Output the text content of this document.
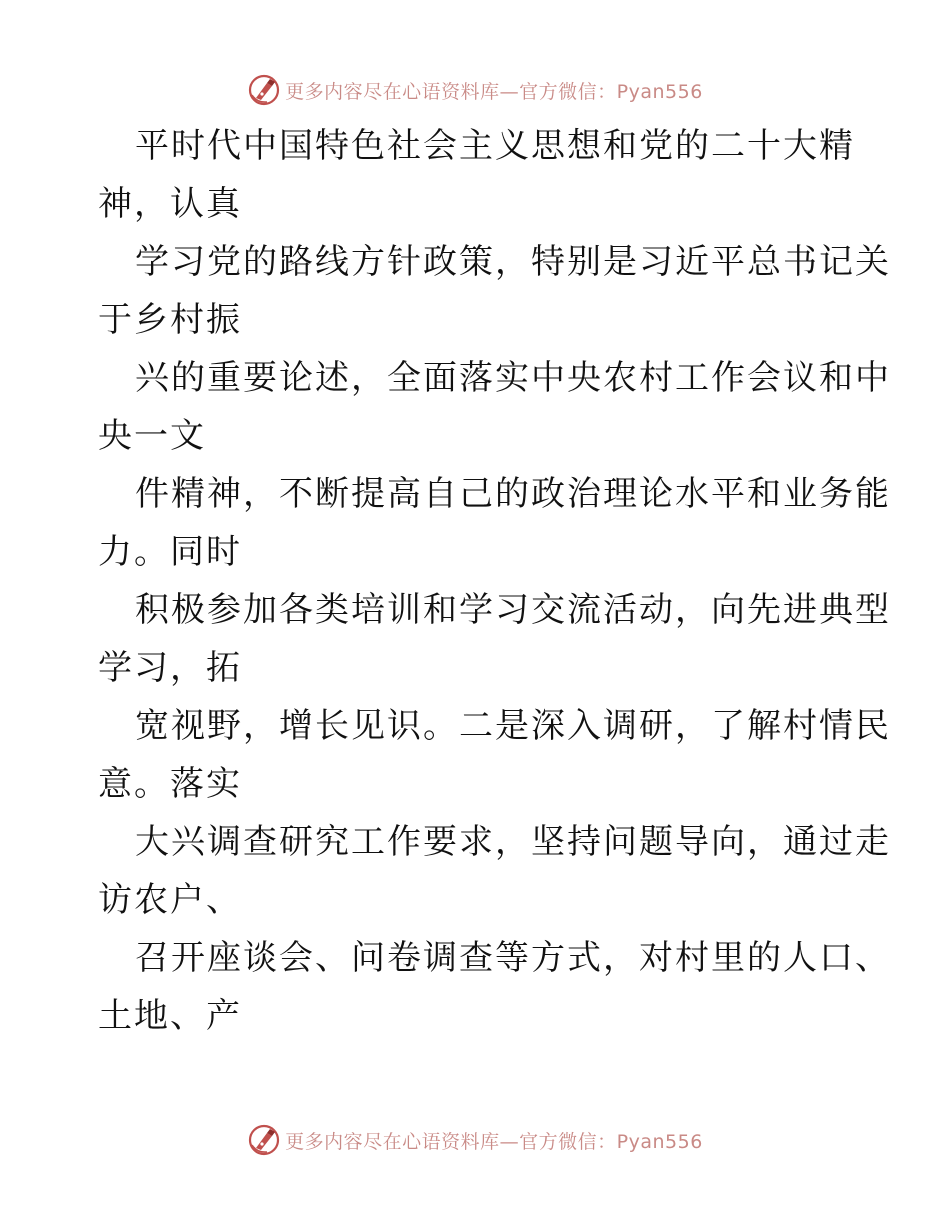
更多内容尽在心语资料库—官方微信：Pyan556
平时代中国特色社会主义思想和党的二十大精
神，认真
学习党的路线方针政策，特别是习近平总书记关
于乡村振
兴的重要论述，全面落实中央农村工作会议和中
央一文
件精神，不断提高自己的政治理论水平和业务能
力。同时
积极参加各类培训和学习交流活动，向先进典型
学习，拓
宽视野，增长见识。二是深入调研，了解村情民
意。落实
大兴调查研究工作要求，坚持问题导向，通过走
访农户、
召开座谈会、问卷调查等方式，对村里的人口、
土地、产
更多内容尽在心语资料库—官方微信：Pyan556
